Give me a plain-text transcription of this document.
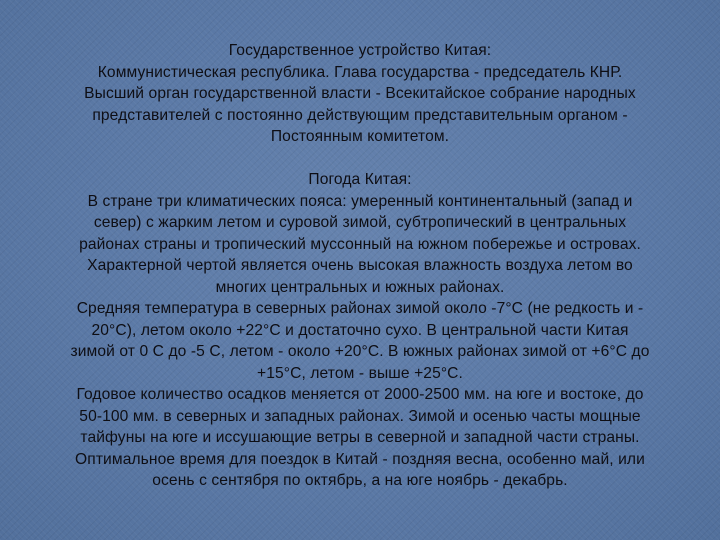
Государственное устройство Китая:
Коммунистическая республика. Глава государства - председатель КНР.
Высший орган государственной власти - Всекитайское собрание народных
представителей с постоянно действующим представительным органом -
Постоянным комитетом.
Погода Китая:
В стране три климатических пояса: умеренный континентальный (запад и
север) с жарким летом и суровой зимой, субтропический в центральных
районах страны и тропический муссонный на южном побережье и островах.
Характерной чертой является очень высокая влажность воздуха летом во
многих центральных и южных районах.
Средняя температура в северных районах зимой около -7°С (не редкость и -
20°С), летом около +22°С и достаточно сухо. В центральной части Китая
зимой от 0 С до -5 С, летом - около +20°С. В южных районах зимой от +6°С до
+15°С, летом - выше +25°С.
Годовое количество осадков меняется от 2000-2500 мм. на юге и востоке, до
50-100 мм. в северных и западных районах. Зимой и осенью часты мощные
тайфуны на юге и иссушающие ветры в северной и западной части страны.
Оптимальное время для поездок в Китай - поздняя весна, особенно май, или
осень с сентября по октябрь, а на юге ноябрь - декабрь.
